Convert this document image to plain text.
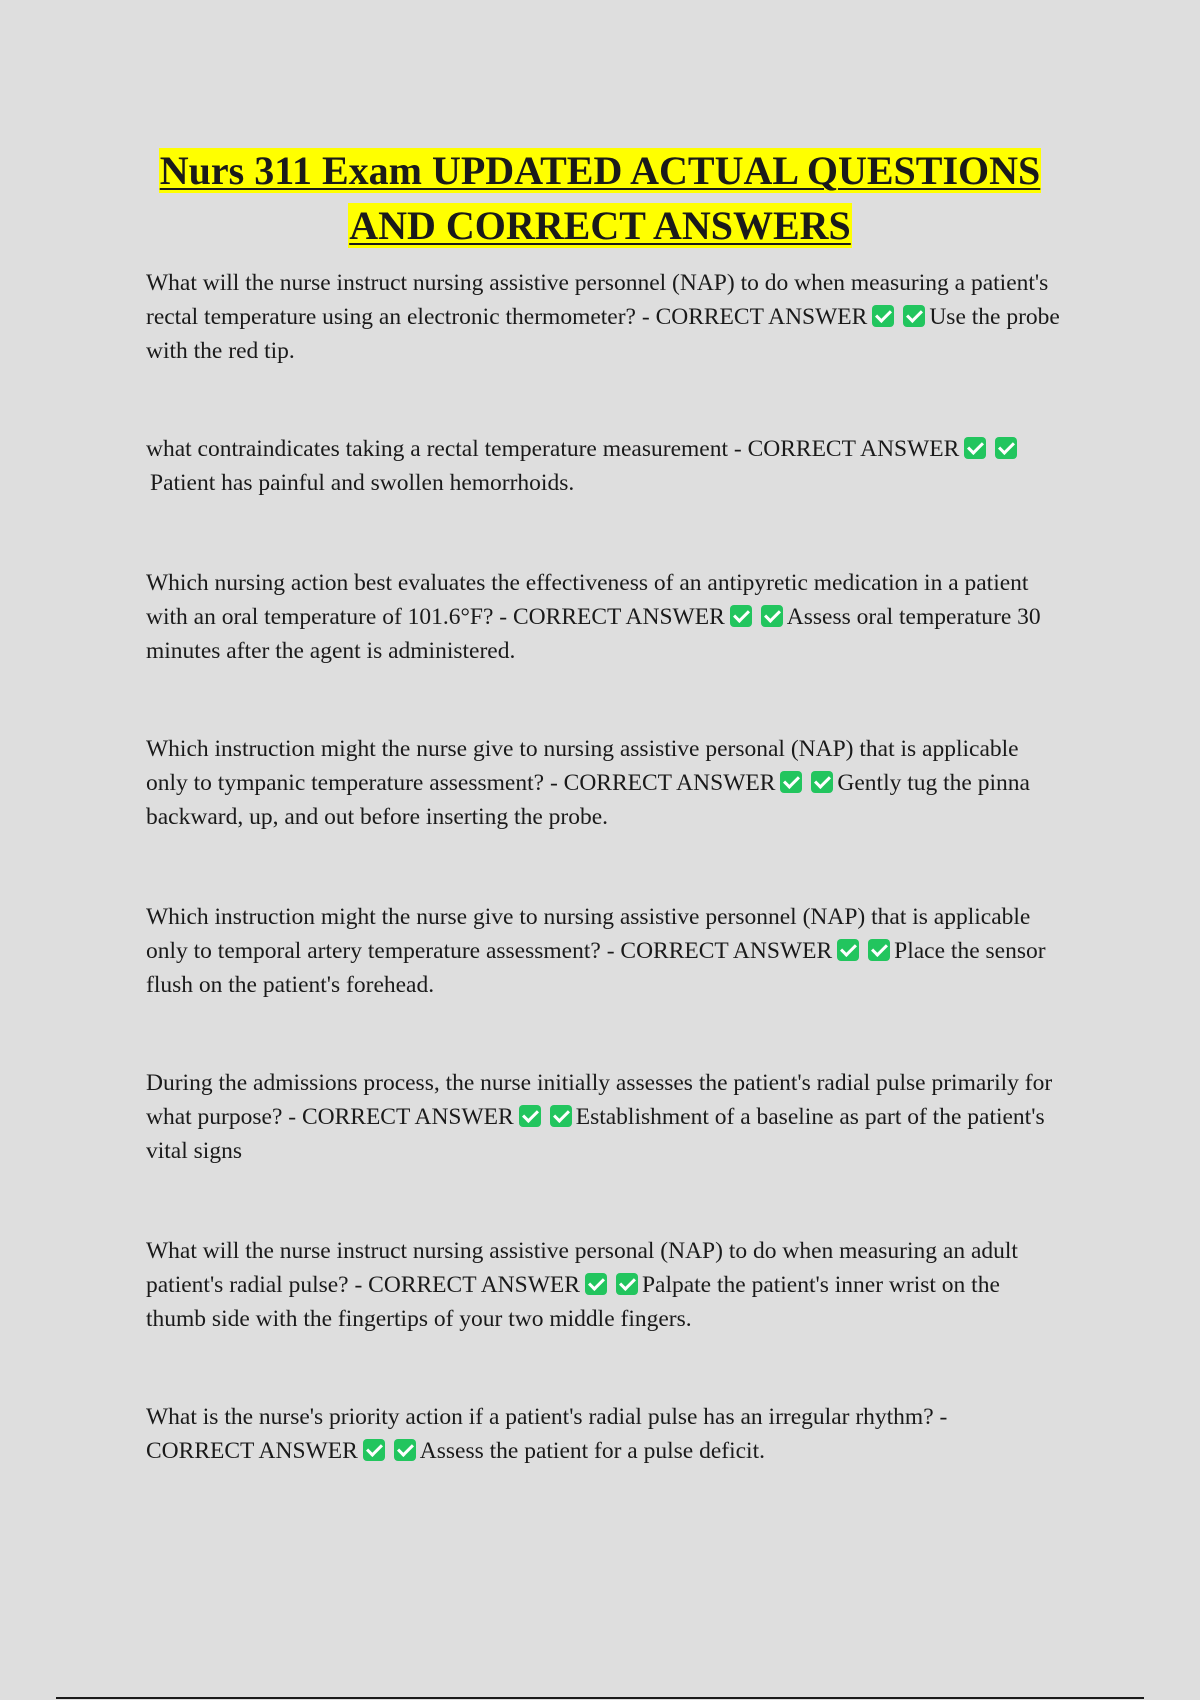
Nurs 311 Exam UPDATED ACTUAL QUESTIONS
AND CORRECT ANSWERS

What will the nurse instruct nursing assistive personnel (NAP) to do when measuring a patient's rectal temperature using an electronic thermometer? - CORRECT ANSWER	Use the probe with the red tip.

what contraindicates taking a rectal temperature measurement - CORRECT ANSWERPatient has painful and swollen hemorrhoids.

Which nursing action best evaluates the effectiveness of an antipyretic medication in a patient with an oral temperature of 101.6°F? - CORRECT ANSWER	Assess oral temperature 30 minutes after the agent is administered.

Which instruction might the nurse give to nursing assistive personal (NAP) that is applicable only to tympanic temperature assessment? - CORRECT ANSWER	Gently tug the pinna backward, up, and out before inserting the probe.

Which instruction might the nurse give to nursing assistive personnel (NAP) that is applicable only to temporal artery temperature assessment? - CORRECT ANSWER	Place the sensor flush on the patient's forehead.

During the admissions process, the nurse initially assesses the patient's radial pulse primarily for what purpose? - CORRECT ANSWER	Establishment of a baseline as part of the patient's vital signs

What will the nurse instruct nursing assistive personal (NAP) to do when measuring an adult patient's radial pulse? - CORRECT ANSWER	Palpate the patient's inner wrist on the thumb side with the fingertips of your two middle fingers.

What is the nurse's priority action if a patient's radial pulse has an irregular rhythm? - CORRECT ANSWER	Assess the patient for a pulse deficit.
